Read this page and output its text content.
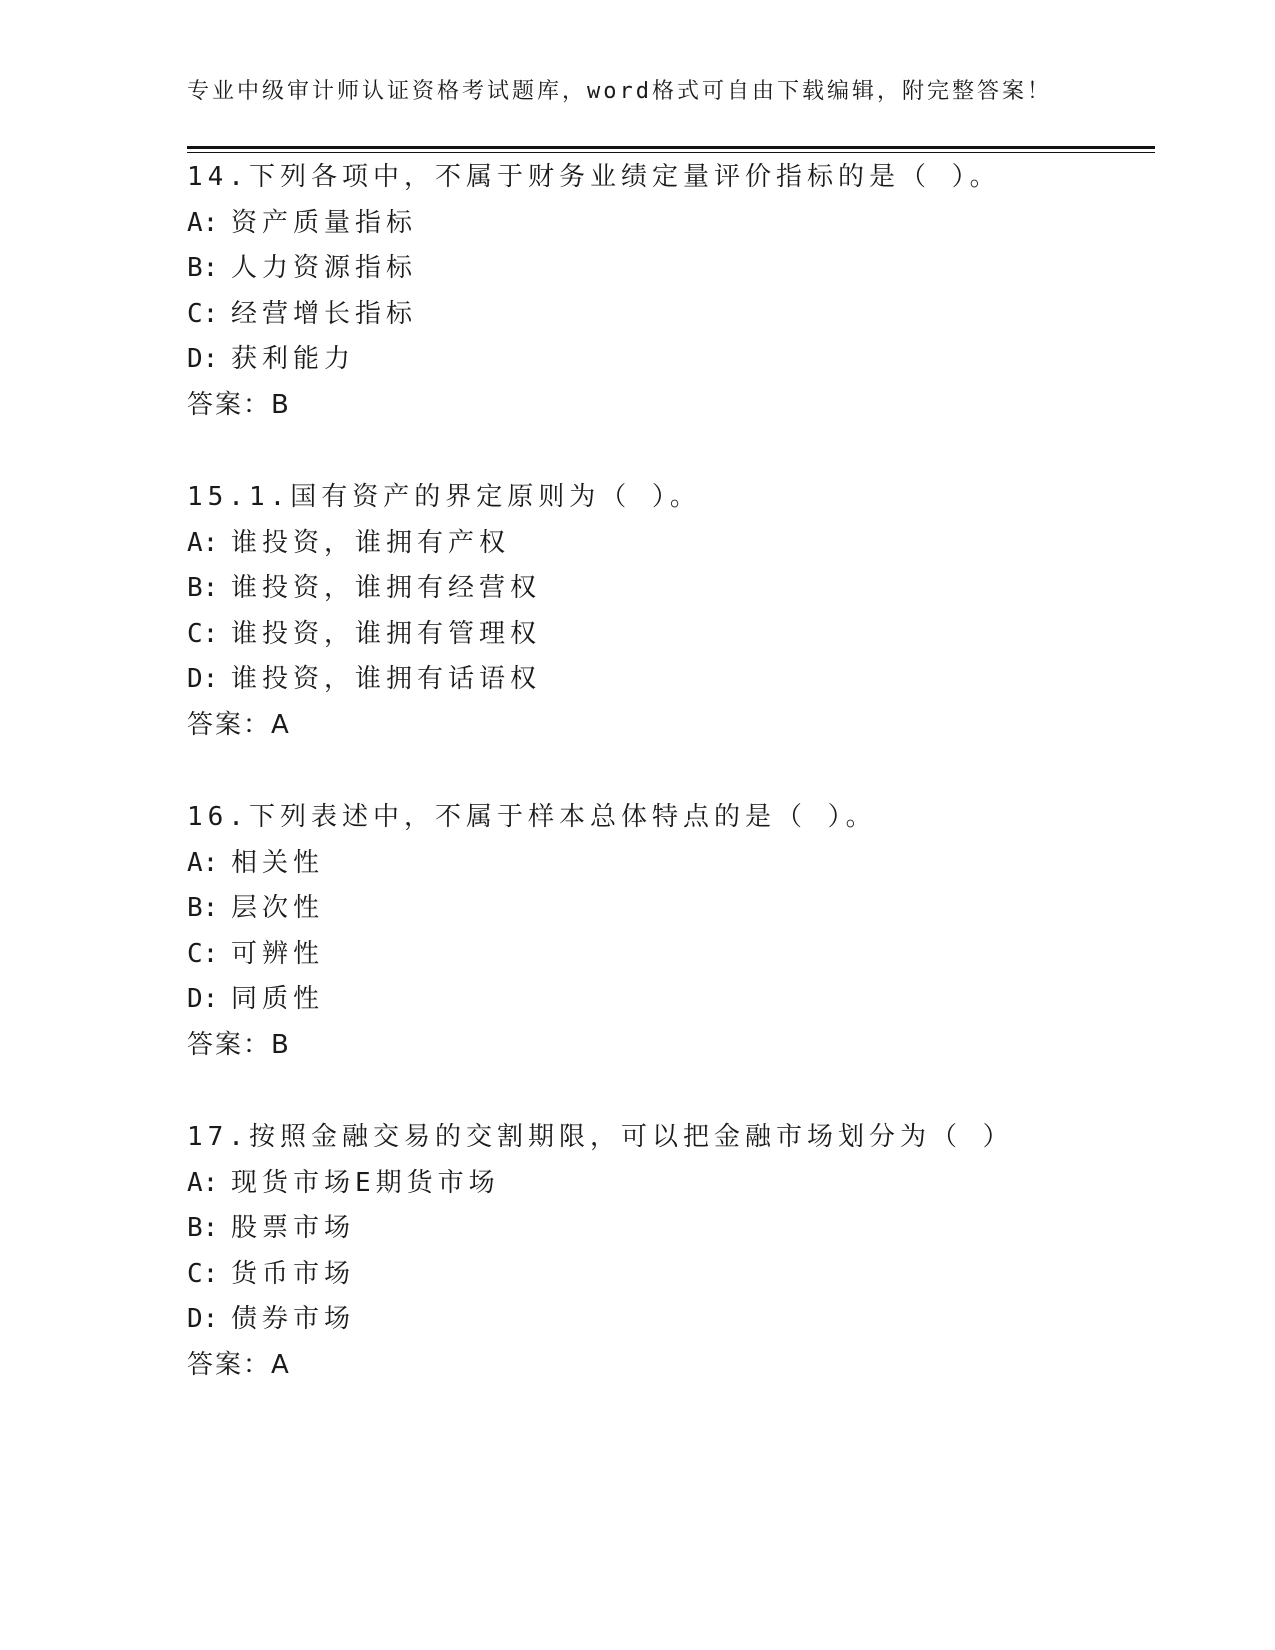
专业中级审计师认证资格考试题库，word格式可自由下载编辑，附完整答案！
14.下列各项中，不属于财务业绩定量评价指标的是（ ）。
A: 资产质量指标
B: 人力资源指标
C: 经营增长指标
D: 获利能力
答案：B
15.1.国有资产的界定原则为（ ）。
A: 谁投资，谁拥有产权
B: 谁投资，谁拥有经营权
C: 谁投资，谁拥有管理权
D: 谁投资，谁拥有话语权
答案：A
16.下列表述中，不属于样本总体特点的是（ ）。
A: 相关性
B: 层次性
C: 可辨性
D: 同质性
答案：B
17.按照金融交易的交割期限，可以把金融市场划分为（ ）
A: 现货市场E期货市场
B: 股票市场
C: 货币市场
D: 债券市场
答案：A
